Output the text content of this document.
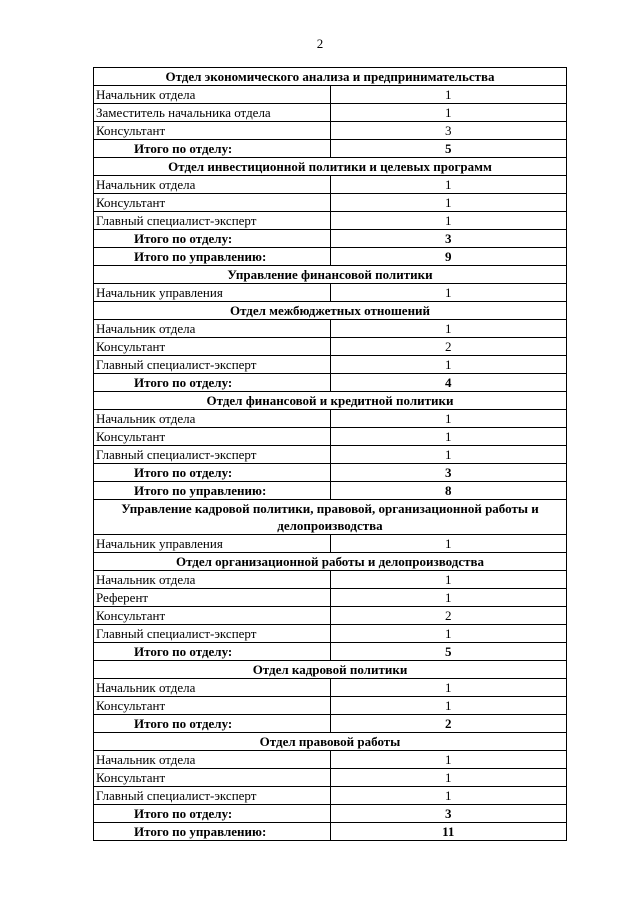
2
Отдел экономического анализа и предпринимательства	
Начальник отдела	1
Заместитель начальника отдела	1
Консультант	3
Итого по отделу:	5
Отдел инвестиционной политики и целевых программ	
Начальник отдела	1
Консультант	1
Главный специалист-эксперт	1
Итого по отделу:	3
Итого по управлению:	9
Управление финансовой политики	
Начальник управления	1
Отдел межбюджетных отношений	
Начальник отдела	1
Консультант	2
Главный специалист-эксперт	1
Итого по отделу:	4
Отдел финансовой и кредитной политики	
Начальник отдела	1
Консультант	1
Главный специалист-эксперт	1
Итого по отделу:	3
Итого по управлению:	8
Управление кадровой политики, правовой, организационной работы и делопроизводства	
Начальник управления	1
Отдел организационной работы и делопроизводства	
Начальник отдела	1
Референт	1
Консультант	2
Главный специалист-эксперт	1
Итого по отделу:	5
Отдел кадровой политики	
Начальник отдела	1
Консультант	1
Итого по отделу:	2
Отдел правовой работы	
Начальник отдела	1
Консультант	1
Главный специалист-эксперт	1
Итого по отделу:	3
Итого по управлению:	11
